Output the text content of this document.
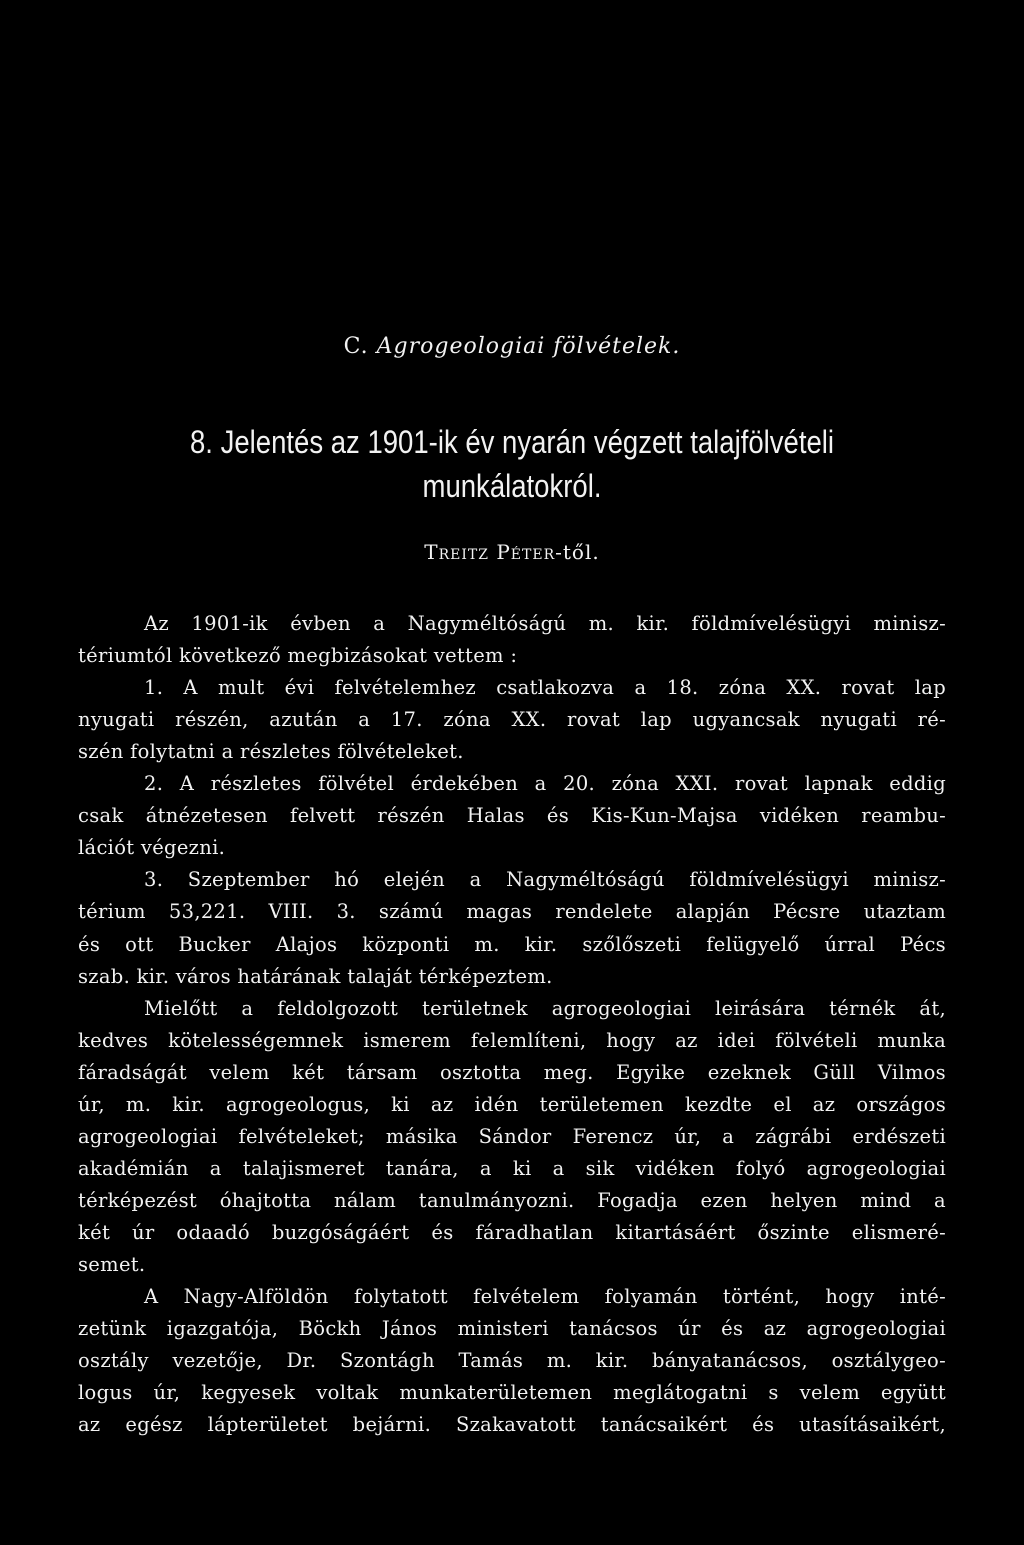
C. Agrogeologiai fölvételek.

8. Jelentés az 1901-ik év nyarán végzett talajfölvételi

munkálatokról.

Treitz Péter-től.

Az 1901-ik évben a Nagyméltóságú m. kir. földmívelésügyi minisz-

tériumtól következő megbizásokat vettem :

1. A mult évi felvételemhez csatlakozva a 18. zóna XX. rovat lap

nyugati részén, azután a 17. zóna XX. rovat lap ugyancsak nyugati ré-

szén folytatni a részletes fölvételeket.

2. A részletes fölvétel érdekében a 20. zóna XXI. rovat lapnak eddig

csak átnézetesen felvett részén Halas és Kis-Kun-Majsa vidéken reambu-

lációt végezni.

3. Szeptember hó elején a Nagyméltóságú földmívelésügyi minisz-

térium 53,221. VIII. 3. számú magas rendelete alapján Pécsre utaztam

és ott Bucker Alajos központi m. kir. szőlőszeti felügyelő úrral Pécs

szab. kir. város határának talaját térképeztem.

Mielőtt a feldolgozott területnek agrogeologiai leirására térnék át,

kedves kötelességemnek ismerem felemlíteni, hogy az idei fölvételi munka

fáradságát velem két társam osztotta meg. Egyike ezeknek Güll Vilmos

úr, m. kir. agrogeologus, ki az idén területemen kezdte el az országos

agrogeologiai felvételeket; másika Sándor Ferencz úr, a zágrábi erdészeti

akadémián a talajismeret tanára, a ki a sik vidéken folyó agrogeologiai

térképezést óhajtotta nálam tanulmányozni. Fogadja ezen helyen mind a

két úr odaadó buzgóságáért és fáradhatlan kitartásáért őszinte elismeré-

semet.

A Nagy-Alföldön folytatott felvételem folyamán történt, hogy inté-

zetünk igazgatója, Böckh János ministeri tanácsos úr és az agrogeologiai

osztály vezetője, Dr. Szontágh Tamás m. kir. bányatanácsos, osztálygeo-

logus úr, kegyesek voltak munkaterületemen meglátogatni s velem együtt

az egész lápterületet bejárni. Szakavatott tanácsaikért és utasításaikért,
